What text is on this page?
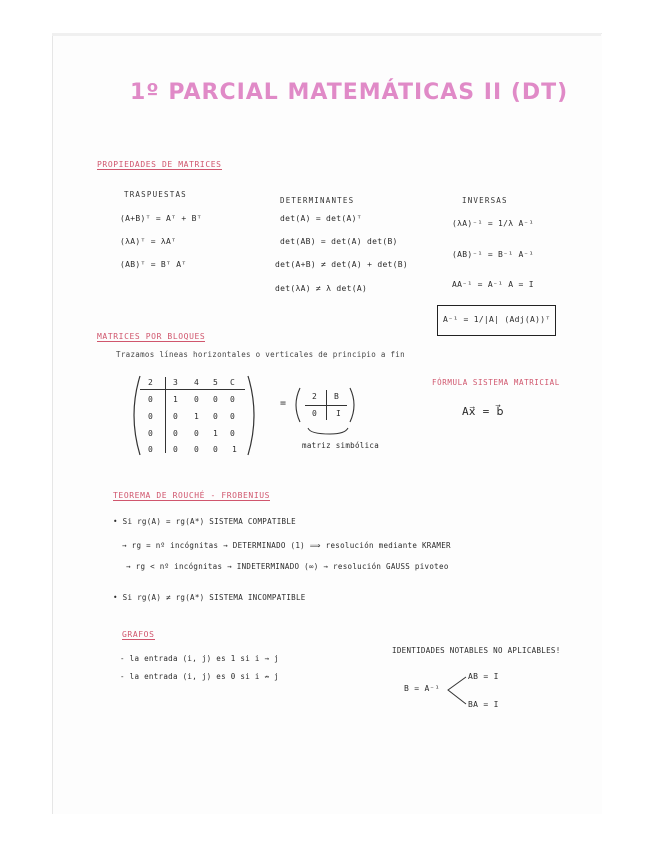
1º PARCIAL MATEMÁTICAS II (DT)
PROPIEDADES DE MATRICES
TRASPUESTAS
(A+B)ᵀ = Aᵀ + Bᵀ
(λA)ᵀ = λAᵀ
(AB)ᵀ = Bᵀ Aᵀ
DETERMINANTES
det(A) = det(A)ᵀ
det(AB) = det(A) det(B)
det(A+B) ≠ det(A) + det(B)
det(λA) ≠ λ det(A)
INVERSAS
(λA)⁻¹ = 1/λ A⁻¹
(AB)⁻¹ = B⁻¹ A⁻¹
AA⁻¹ = A⁻¹ A = I
A⁻¹ = 1/|A| (Adj(A))ᵀ
MATRICES POR BLOQUES
Trazamos líneas horizontales o verticales de principio a fin
2 3 4 5 C
0 1 0 0 0
0 0 1 0 0
0 0 0 1 0
0 0 0 0 1
=
2 B
0 I
matriz simbólica
FÓRMULA SISTEMA MATRICIAL
Ax⃗ = b⃗
TEOREMA DE ROUCHÉ - FROBENIUS
• Si rg(A) = rg(A*) SISTEMA COMPATIBLE
→ rg = nº incógnitas → DETERMINADO (1) ⟹ resolución mediante KRAMER
→ rg < nº incógnitas → INDETERMINADO (∞) → resolución GAUSS pivoteo
• Si rg(A) ≠ rg(A*) SISTEMA INCOMPATIBLE
GRAFOS
- la entrada (i, j) es 1 si i → j
- la entrada (i, j) es 0 si i ↛ j
IDENTIDADES NOTABLES NO APLICABLES!
B = A⁻¹
AB = I
BA = I
